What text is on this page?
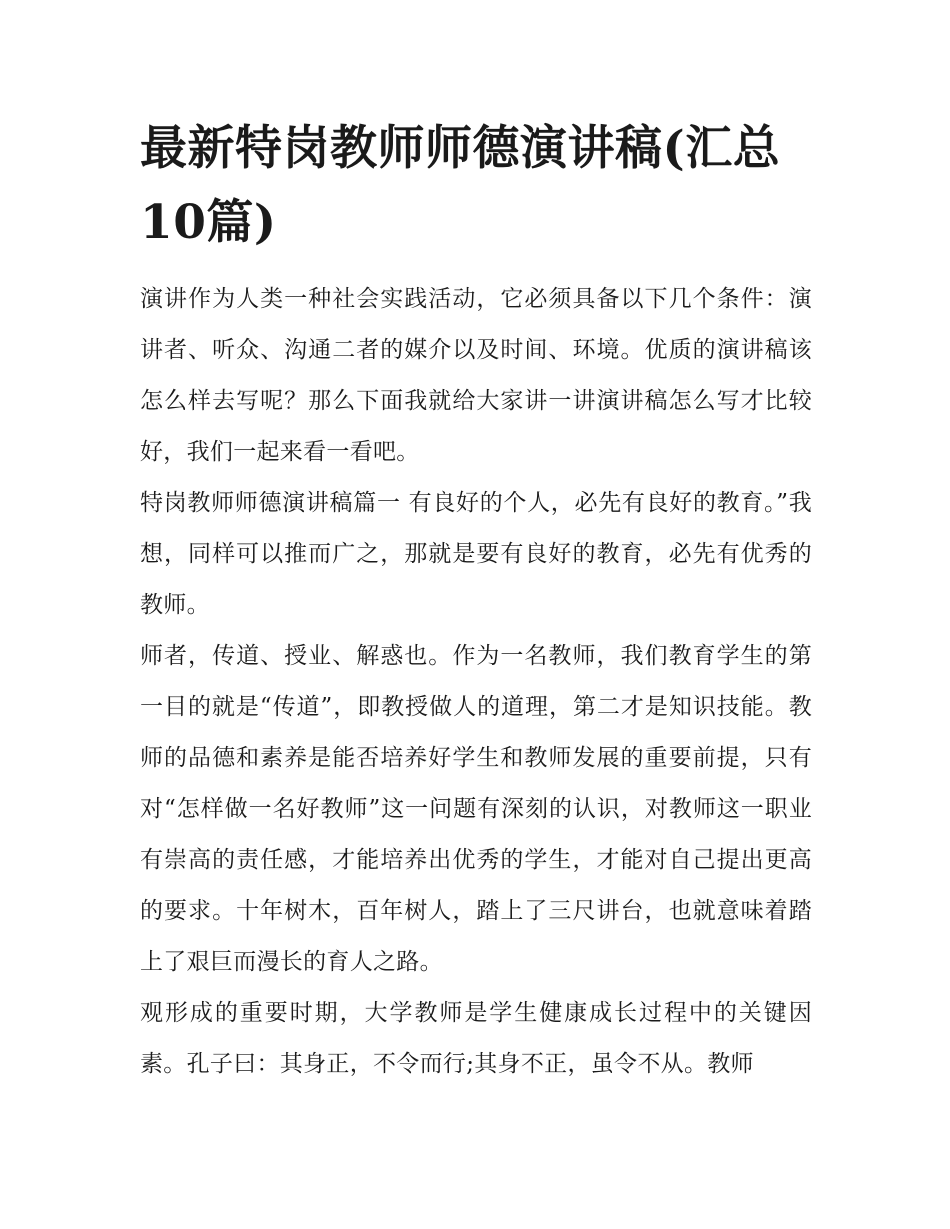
最新特岗教师师德演讲稿(汇总10篇)

演讲作为人类一种社会实践活动，它必须具备以下几个条件：演讲者、听众、沟通二者的媒介以及时间、环境。优质的演讲稿该怎么样去写呢？那么下面我就给大家讲一讲演讲稿怎么写才比较好，我们一起来看一看吧。

特岗教师师德演讲稿篇一 有良好的个人，必先有良好的教育。”我想，同样可以推而广之，那就是要有良好的教育，必先有优秀的教师。

师者，传道、授业、解惑也。作为一名教师，我们教育学生的第一目的就是“传道”，即教授做人的道理，第二才是知识技能。教师的品德和素养是能否培养好学生和教师发展的重要前提，只有对“怎样做一名好教师”这一问题有深刻的认识，对教师这一职业有崇高的责任感，才能培养出优秀的学生，才能对自己提出更高的要求。十年树木，百年树人，踏上了三尺讲台，也就意味着踏上了艰巨而漫长的育人之路。

观形成的重要时期，大学教师是学生健康成长过程中的关键因素。孔子曰：其身正，不令而行;其身不正，虽令不从。教师
